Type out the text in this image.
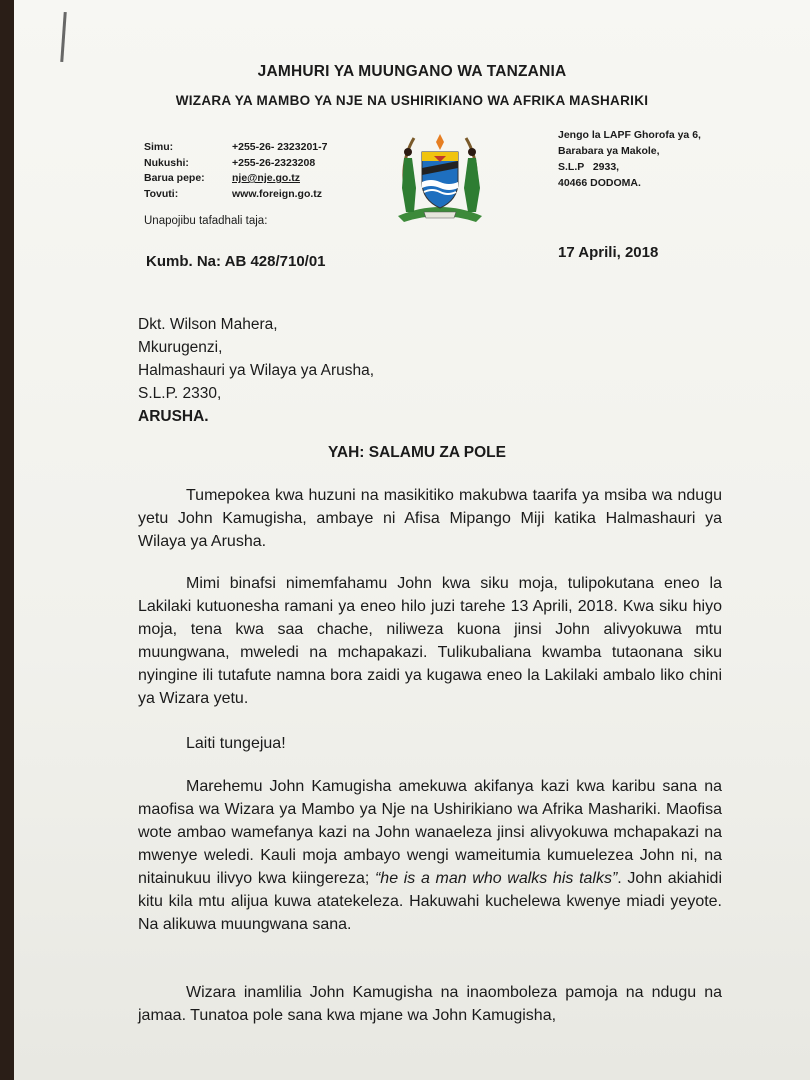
JAMHURI YA MUUNGANO WA TANZANIA
WIZARA YA MAMBO YA NJE NA USHIRIKIANO WA AFRIKA MASHARIKI
Simu:	+255-26- 2323201-7
Nukushi:	+255-26-2323208
Barua pepe:	nje@nje.go.tz
Tovuti:	www.foreign.go.tz
Jengo la LAPF Ghorofa ya 6,
Barabara ya Makole,
S.L.P   2933,
40466 DODOMA.
Unapojibu tafadhali taja:
Kumb. Na: AB 428/710/01
17 Aprili, 2018
Dkt. Wilson Mahera,
Mkurugenzi,
Halmashauri ya Wilaya ya Arusha,
S.L.P. 2330,
ARUSHA.
YAH: SALAMU ZA POLE
Tumepokea kwa huzuni na masikitiko makubwa taarifa ya msiba wa ndugu yetu John Kamugisha, ambaye ni Afisa Mipango Miji katika Halmashauri ya Wilaya ya Arusha.
Mimi binafsi nimemfahamu John kwa siku moja, tulipokutana eneo la Lakilaki kutuonesha ramani ya eneo hilo juzi tarehe 13 Aprili, 2018. Kwa siku hiyo moja, tena kwa saa chache, niliweza kuona jinsi John alivyokuwa mtu muungwana, mweledi na mchapakazi. Tulikubaliana kwamba tutaonana siku nyingine ili tutafute namna bora zaidi ya kugawa eneo la Lakilaki ambalo liko chini ya Wizara yetu.
Laiti tungejua!
Marehemu John Kamugisha amekuwa akifanya kazi kwa karibu sana na maofisa wa Wizara ya Mambo ya Nje na Ushirikiano wa Afrika Mashariki. Maofisa wote ambao wamefanya kazi na John wanaeleza jinsi alivyokuwa mchapakazi na mwenye weledi. Kauli moja ambayo wengi wameitumia kumuelezea John ni, na nitainukuu ilivyo kwa kiingereza; “he is a man who walks his talks”. John akiahidi kitu kila mtu alijua kuwa atatekeleza. Hakuwahi kuchelewa kwenye miadi yeyote. Na alikuwa muungwana sana.
Wizara inamlilia John Kamugisha na inaomboleza pamoja na ndugu na jamaa. Tunatoa pole sana kwa mjane wa John Kamugisha,
